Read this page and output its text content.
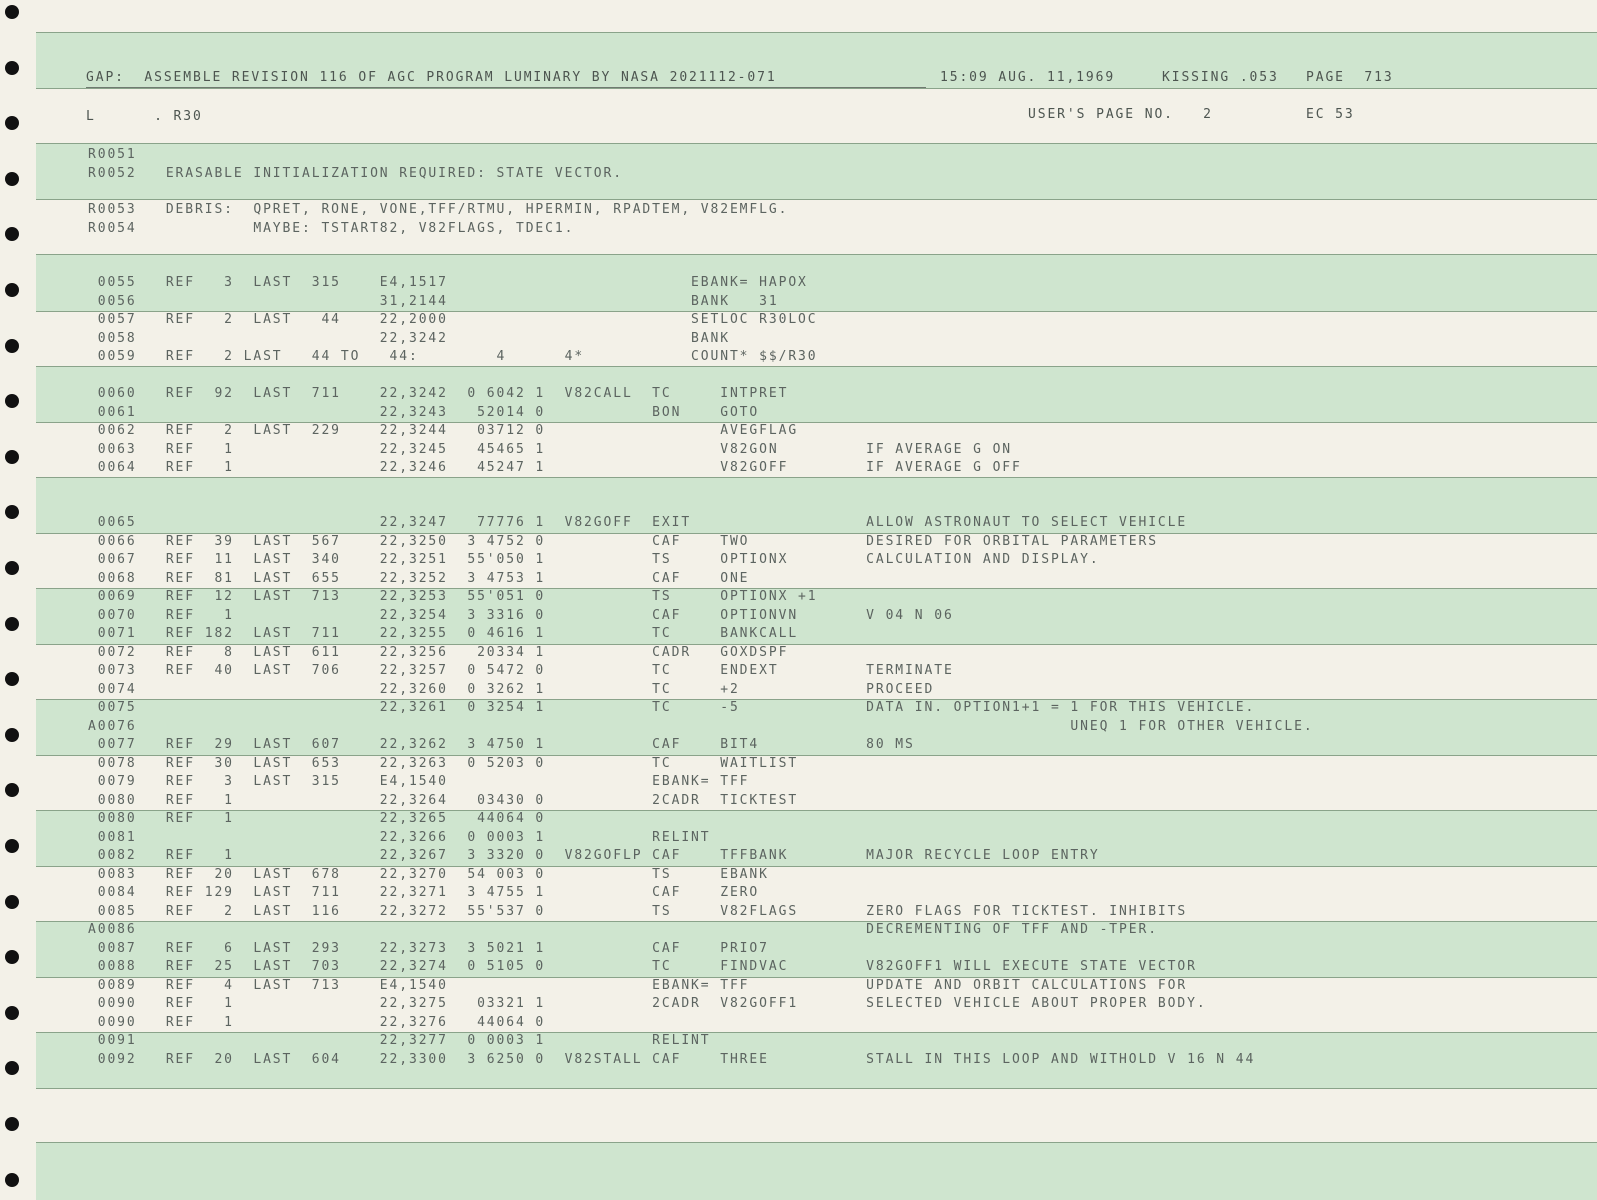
GAP:  ASSEMBLE REVISION 116 OF AGC PROGRAM LUMINARY BY NASA 2021112-071	15:09 AUG. 11,1969	KISSING .053 PAGE  713
L      . R30	USER'S PAGE NO.   2	EC 53
R0051
R0052   ERASABLE INITIALIZATION REQUIRED: STATE VECTOR.
R0053   DEBRIS:  QPRET, RONE, VONE,TFF/RTMU, HPERMIN, RPADTEM, V82EMFLG.
R0054            MAYBE: TSTART82, V82FLAGS, TDEC1.
0055   REF   3  LAST  315    E4,1517                         EBANK= HAPOX
0056                         31,2144                         BANK   31
0057   REF   2  LAST   44    22,2000                         SETLOC R30LOC
0058                         22,3242                         BANK
0059   REF   2 LAST   44 TO   44:        4      4*           COUNT* $$/R30
0060   REF  92  LAST  711    22,3242  0 6042 1  V82CALL  TC     INTPRET
0061                         22,3243   52014 0           BON    GOTO
0062   REF   2  LAST  229    22,3244   03712 0                  AVEGFLAG
0063   REF   1               22,3245   45465 1                  V82GON         IF AVERAGE G ON
0064   REF   1               22,3246   45247 1                  V82GOFF        IF AVERAGE G OFF
0065                         22,3247   77776 1  V82GOFF  EXIT                  ALLOW ASTRONAUT TO SELECT VEHICLE
0066   REF  39  LAST  567    22,3250  3 4752 0           CAF    TWO            DESIRED FOR ORBITAL PARAMETERS
0067   REF  11  LAST  340    22,3251  55'050 1           TS     OPTIONX        CALCULATION AND DISPLAY.
0068   REF  81  LAST  655    22,3252  3 4753 1           CAF    ONE
0069   REF  12  LAST  713    22,3253  55'051 0           TS     OPTIONX +1
0070   REF   1               22,3254  3 3316 0           CAF    OPTIONVN       V 04 N 06
0071   REF 182  LAST  711    22,3255  0 4616 1           TC     BANKCALL
0072   REF   8  LAST  611    22,3256   20334 1           CADR   GOXDSPF
0073   REF  40  LAST  706    22,3257  0 5472 0           TC     ENDEXT         TERMINATE
0074                         22,3260  0 3262 1           TC     +2             PROCEED
0075                         22,3261  0 3254 1           TC     -5             DATA IN. OPTION1+1 = 1 FOR THIS VEHICLE.
A0076                                                                                                UNEQ 1 FOR OTHER VEHICLE.
0077   REF  29  LAST  607    22,3262  3 4750 1           CAF    BIT4           80 MS
0078   REF  30  LAST  653    22,3263  0 5203 0           TC     WAITLIST
0079   REF   3  LAST  315    E4,1540                     EBANK= TFF
0080   REF   1               22,3264   03430 0           2CADR  TICKTEST
0080   REF   1               22,3265   44064 0
0081                         22,3266  0 0003 1           RELINT
0082   REF   1               22,3267  3 3320 0  V82GOFLP CAF    TFFBANK        MAJOR RECYCLE LOOP ENTRY
0083   REF  20  LAST  678    22,3270  54 003 0           TS     EBANK
0084   REF 129  LAST  711    22,3271  3 4755 1           CAF    ZERO
0085   REF   2  LAST  116    22,3272  55'537 0           TS     V82FLAGS       ZERO FLAGS FOR TICKTEST. INHIBITS
A0086                                                                           DECREMENTING OF TFF AND -TPER.
0087   REF   6  LAST  293    22,3273  3 5021 1           CAF    PRIO7
0088   REF  25  LAST  703    22,3274  0 5105 0           TC     FINDVAC        V82GOFF1 WILL EXECUTE STATE VECTOR
0089   REF   4  LAST  713    E4,1540                     EBANK= TFF            UPDATE AND ORBIT CALCULATIONS FOR
0090   REF   1               22,3275   03321 1           2CADR  V82GOFF1       SELECTED VEHICLE ABOUT PROPER BODY.
0090   REF   1               22,3276   44064 0
0091                         22,3277  0 0003 1           RELINT
0092   REF  20  LAST  604    22,3300  3 6250 0  V82STALL CAF    THREE          STALL IN THIS LOOP AND WITHOLD V 16 N 44
